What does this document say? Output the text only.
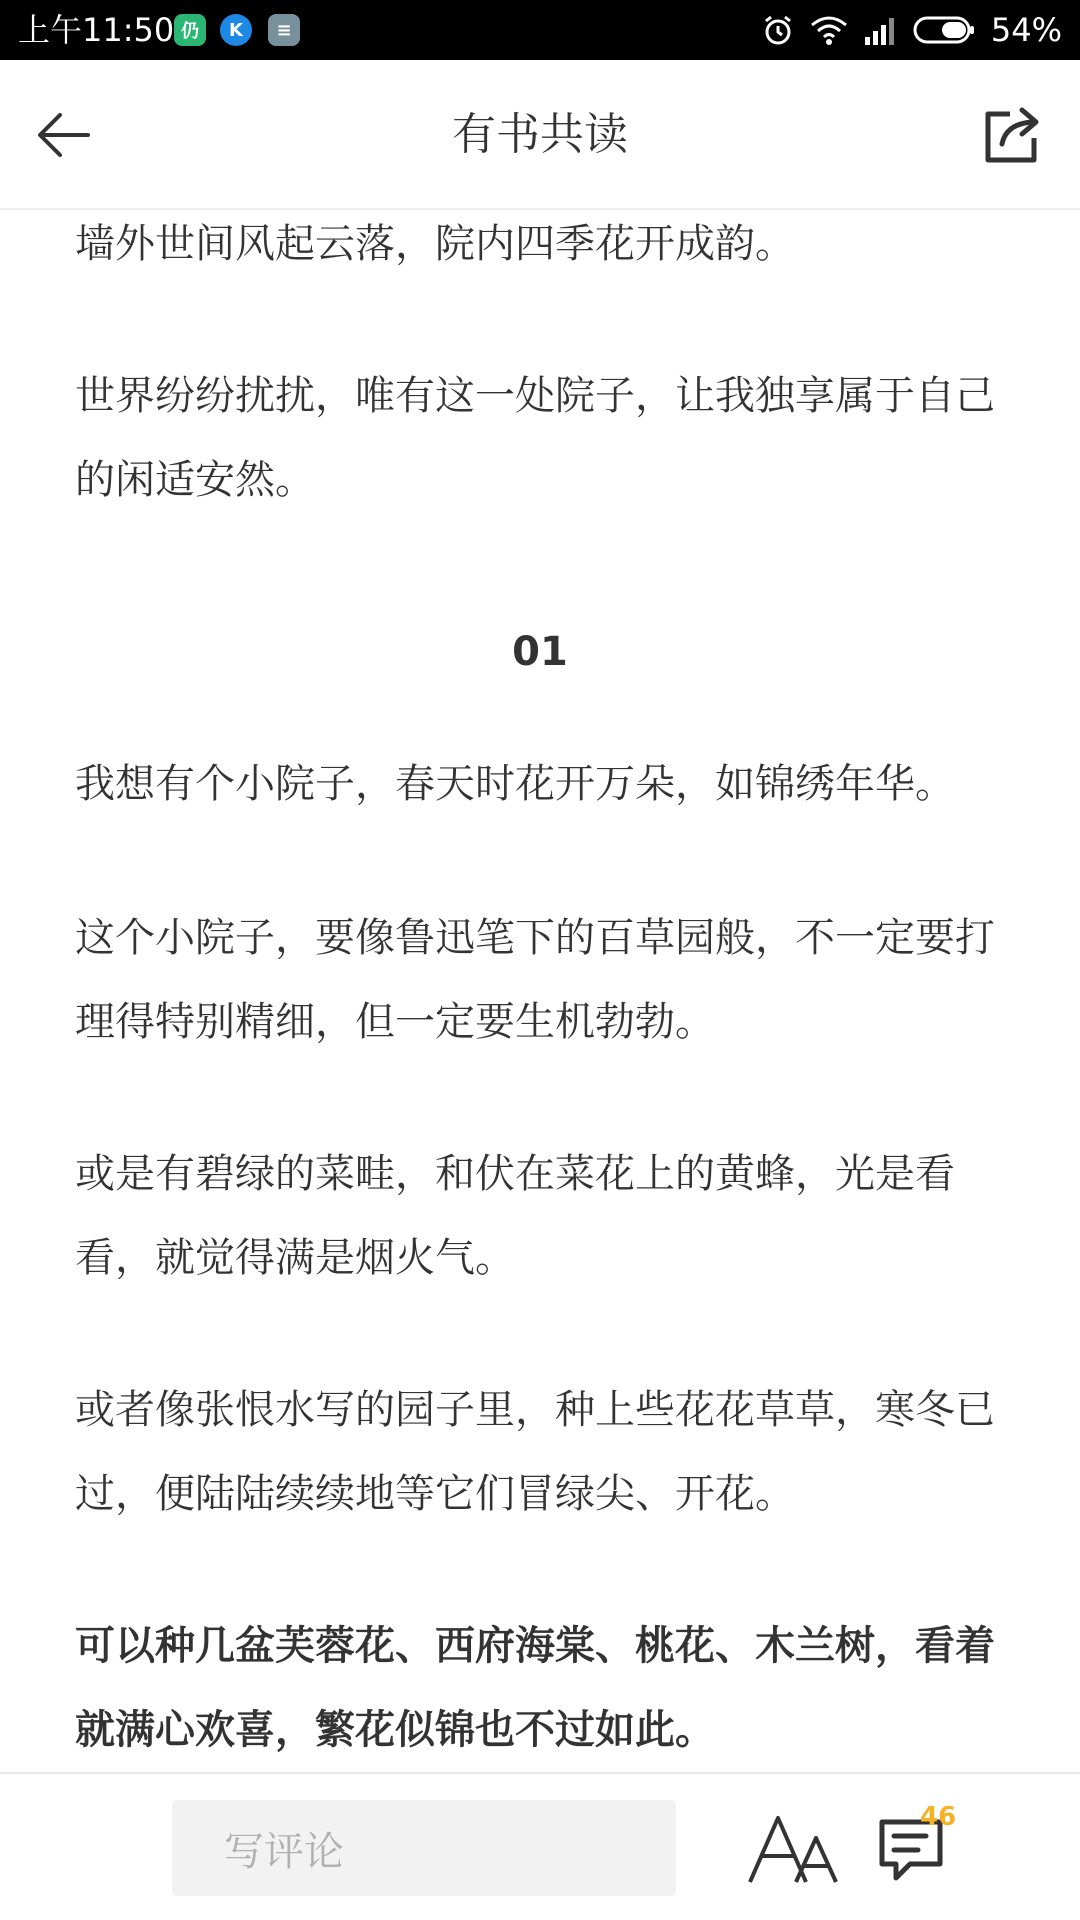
上午11:50 仍	K	≡	54%
有书共读

墙外世间风起云落，院内四季花开成韵。

世界纷纷扰扰，唯有这一处院子，让我独享属于自己的闲适安然。

01

我想有个小院子，春天时花开万朵，如锦绣年华。

这个小院子，要像鲁迅笔下的百草园般，不一定要打理得特别精细，但一定要生机勃勃。

或是有碧绿的菜畦，和伏在菜花上的黄蜂，光是看看，就觉得满是烟火气。

或者像张恨水写的园子里，种上些花花草草，寒冬已过，便陆陆续续地等它们冒绿尖、开花。

可以种几盆芙蓉花、西府海棠、桃花、木兰树，看着就满心欢喜，繁花似锦也不过如此。

写评论
46
